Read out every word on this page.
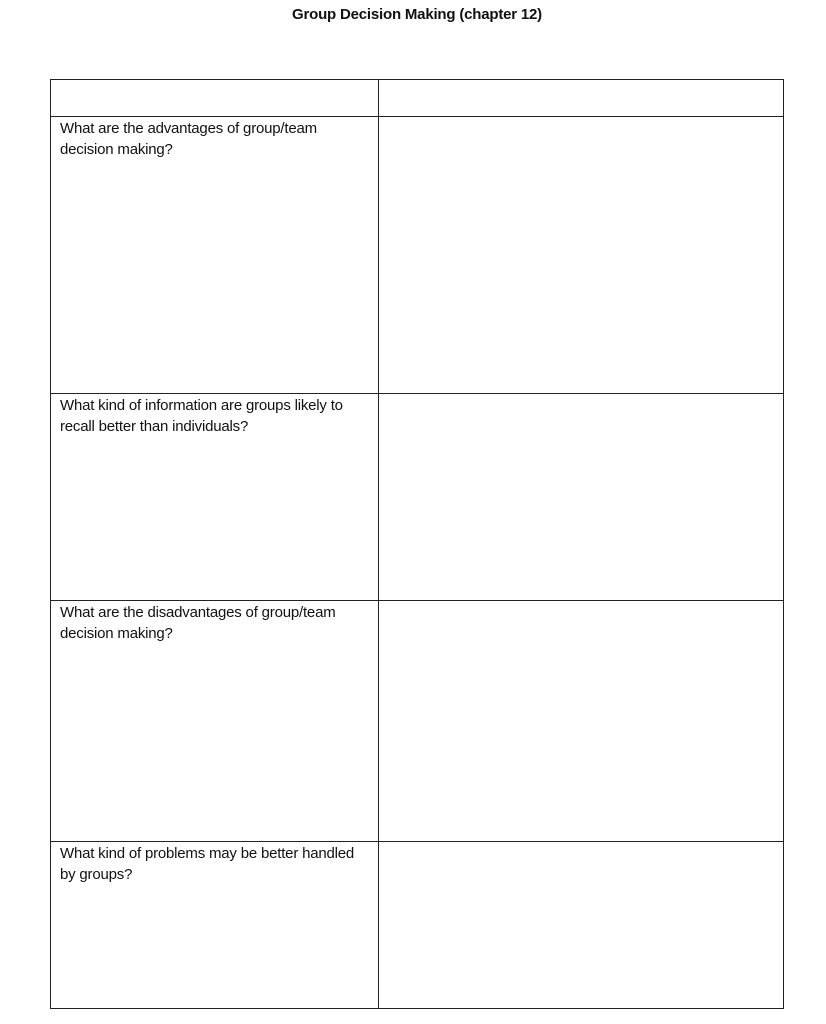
Group Decision Making (chapter 12)

What are the advantages of group/team decision making?	

What kind of information are groups likely to recall better than individuals?	

What are the disadvantages of group/team decision making?	

What kind of problems may be better handled by groups?	
